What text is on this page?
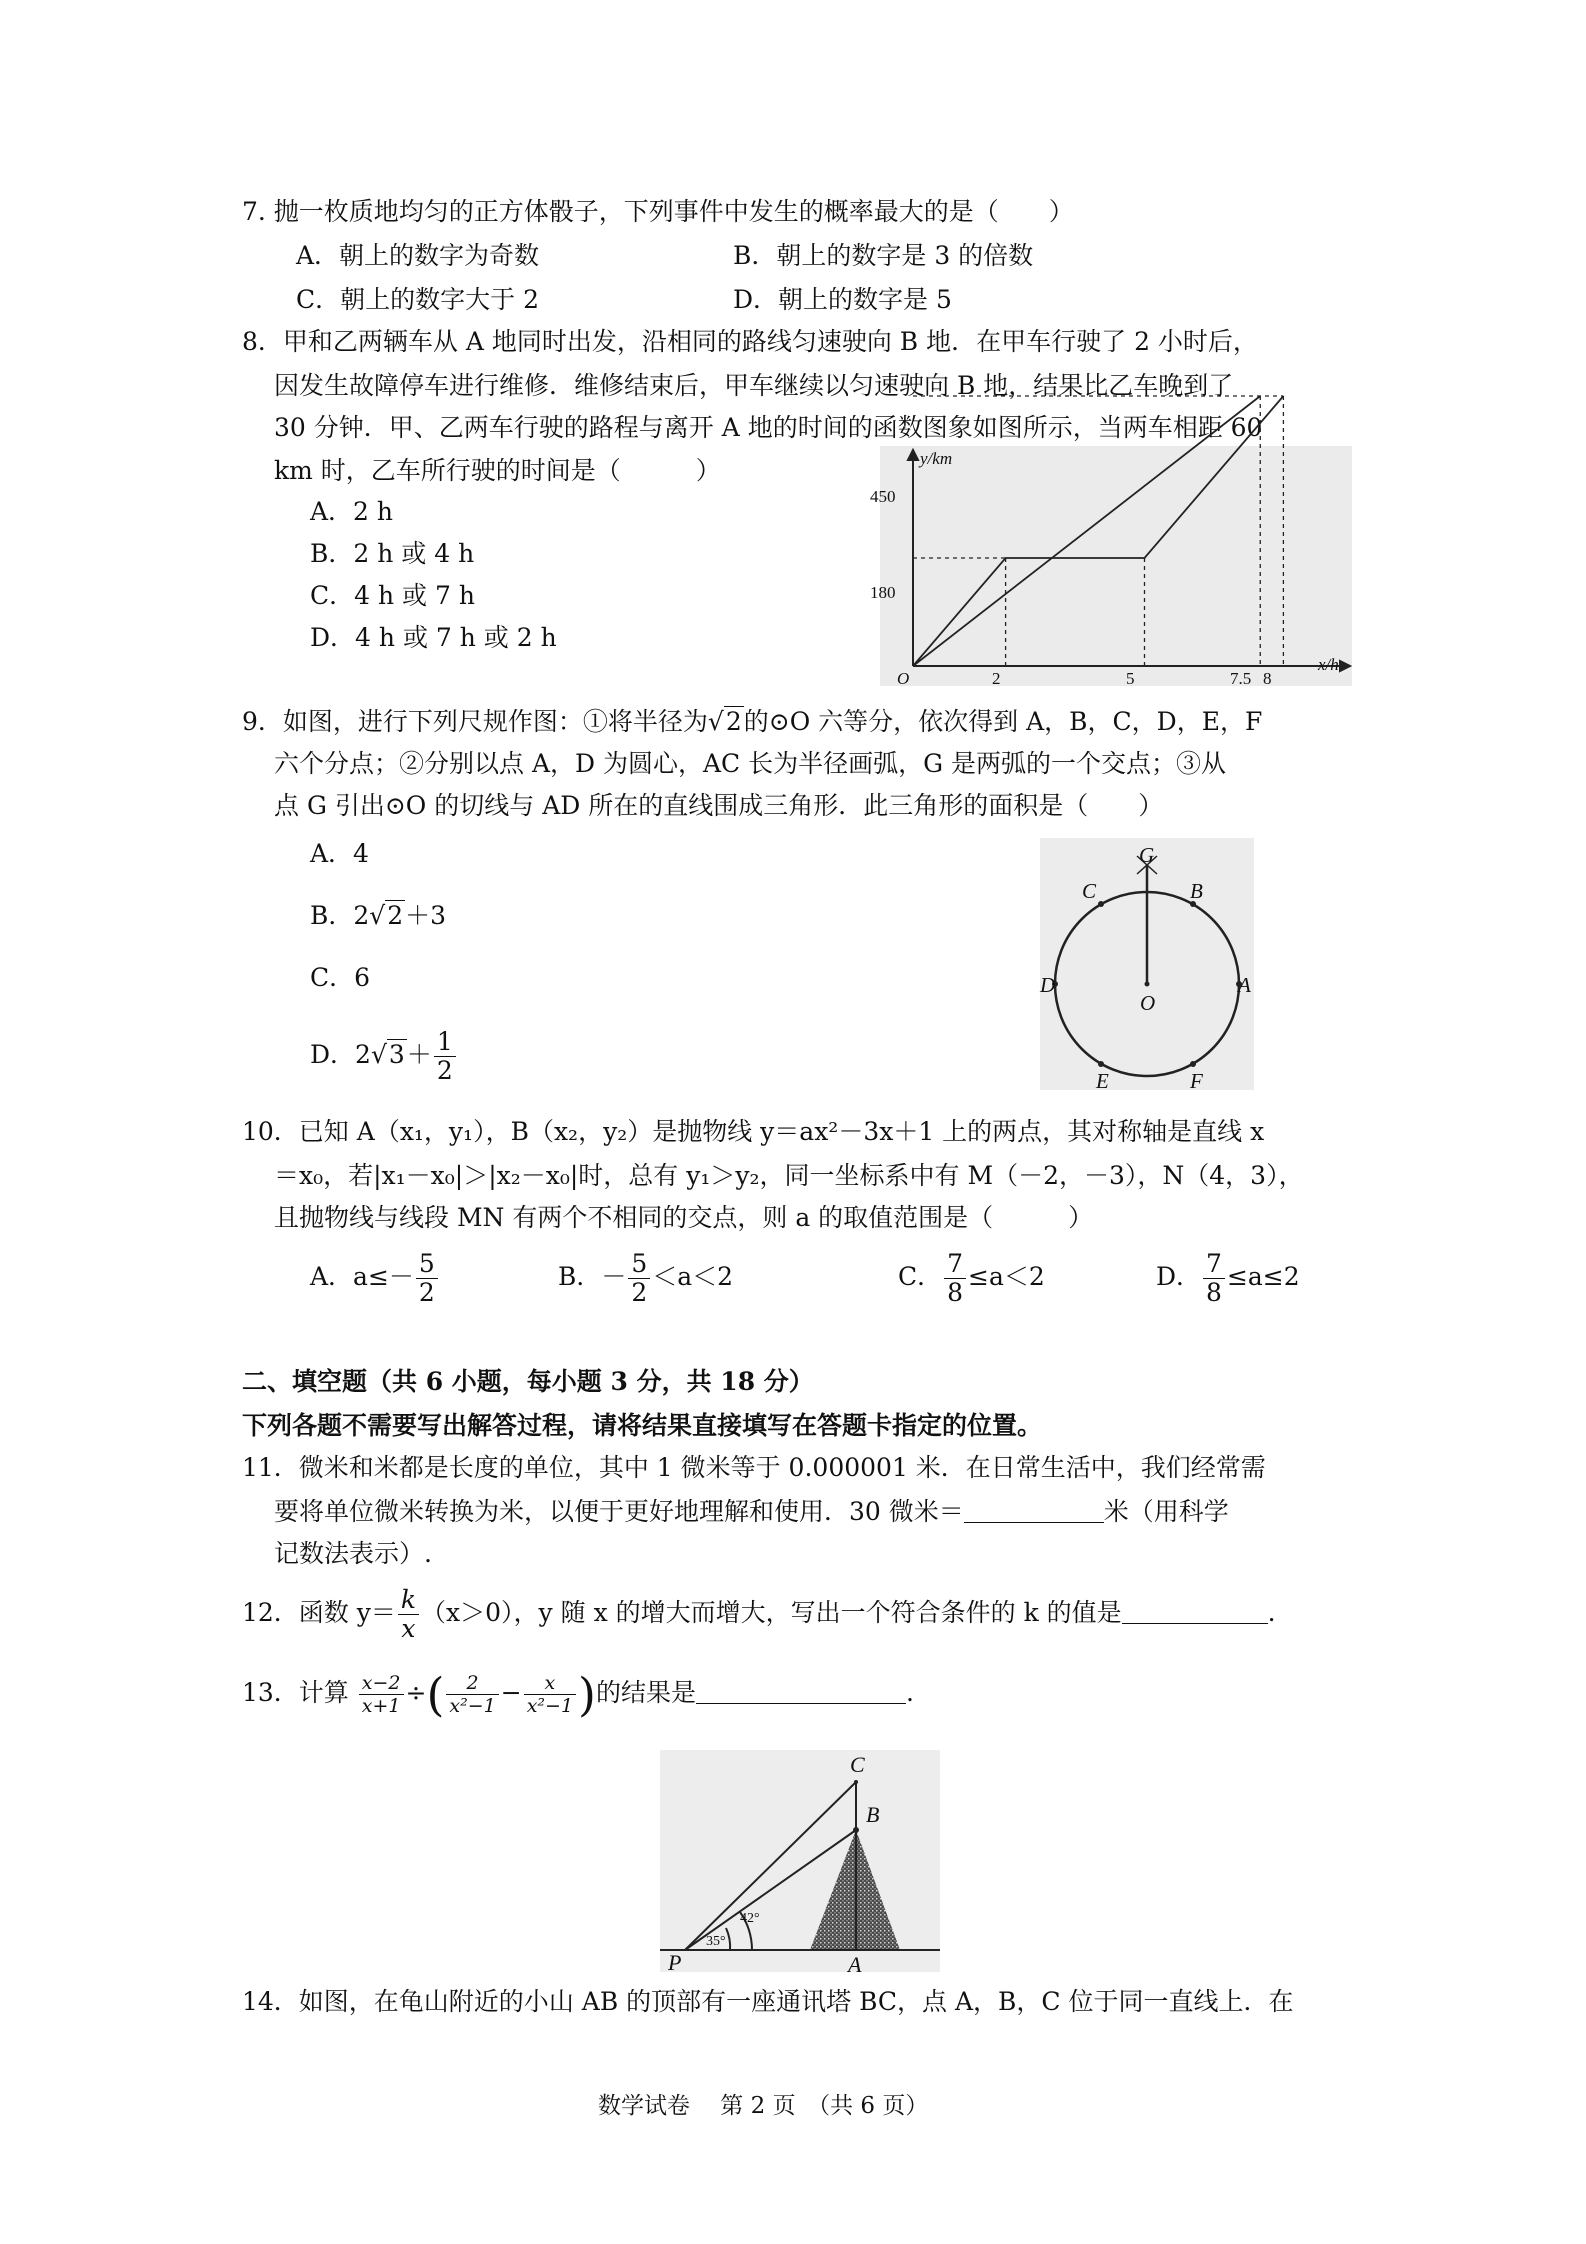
7. 抛一枚质地均匀的正方体骰子，下列事件中发生的概率最大的是（　　）
A．朝上的数字为奇数	B．朝上的数字是 3 的倍数
C．朝上的数字大于 2	D．朝上的数字是 5
8．甲和乙两辆车从 A 地同时出发，沿相同的路线匀速驶向 B 地．在甲车行驶了 2 小时后，
因发生故障停车进行维修．维修结束后，甲车继续以匀速驶向 B 地，结果比乙车晚到了
30 分钟．甲、乙两车行驶的路程与离开 A 地的时间的函数图象如图所示，当两车相距 60
km 时，乙车所行驶的时间是（　　　）
A．2 h
B．2 h 或 4 h
C．4 h 或 7 h
D．4 h 或 7 h 或 2 h
y/km
x/h
O
450
180
2	5	7.5 8
9．如图，进行下列尺规作图：①将半径为√2的⊙O 六等分，依次得到 A，B，C，D，E，F
六个分点；②分别以点 A，D 为圆心，AC 长为半径画弧，G 是两弧的一个交点；③从
点 G 引出⊙O 的切线与 AD 所在的直线围成三角形．此三角形的面积是（　　）
A．4
B．2√2＋3
C．6
D．$2√3+ \frac{1}{2}$
G
C	B
D
O
A
E	F
10．已知 A（x₁，y₁），B（x₂，y₂）是抛物线 y＝ax²－3x＋1 上的两点，其对称轴是直线 x
＝x₀，若|x₁－x₀|＞|x₂－x₀|时，总有 y₁＞y₂，同一坐标系中有 M（－2，－3），N（4，3），
且抛物线与线段 MN 有两个不相同的交点，则 a 的取值范围是（　　　）
A．$a\le- \frac{5}{2}$	B．－ $\frac{5}{2} <a<2$	C． $\frac{7}{8} \le a<2$	D． $\frac{7}{8} \le a\le 2$
二、填空题（共 6 小题，每小题 3 分，共 18 分）
下列各题不需要写出解答过程，请将结果直接填写在答题卡指定的位置。
11．微米和米都是长度的单位，其中 1 微米等于 0.000001 米．在日常生活中，我们经常需
要将单位微米转换为米，以便于更好地理解和使用．30 微米＝	米（用科学
记数法表示）.
12．函数 $y= \frac{k}{x} (x>0)$，y 随 x 的增大而增大，写出一个符合条件的 k 的值是	.
13．计算 $\frac{x-2}{x+1}$ ÷( $\frac{2}{\text{x²−1}} - \frac{x}{\text{x²−1}}$ )的结果是	.
C
B
P	A
35°
42°
14．如图，在龟山附近的小山 AB 的顶部有一座通讯塔 BC，点 A，B，C 位于同一直线上．在
数学试卷　 第 2 页　（共 6 页）
